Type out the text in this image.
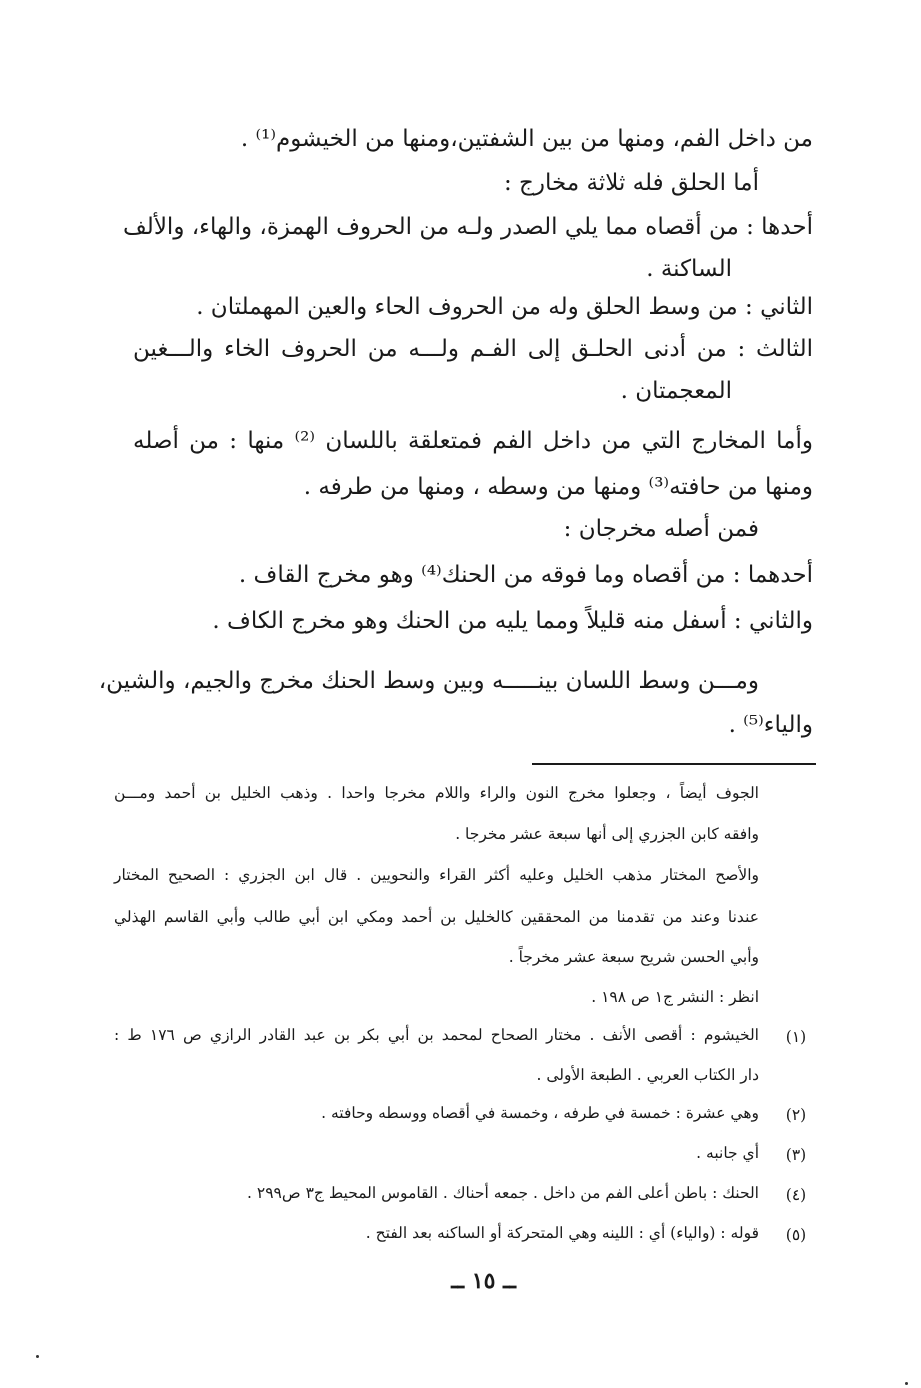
من داخل الفم، ومنها من بين الشفتين،ومنها من الخيشوم⁽¹⁾ .
أما الحلق فله ثلاثة مخارج :
أحدها : من أقصاه مما يلي الصدر ولـه من الحروف الهمزة، والهاء، والألف
الساكنة .
الثاني : من وسط الحلق وله من الحروف الحاء والعين المهملتان .
الثالث : من أدنى الحلـق إلى الفـم ولـــه من الحروف الخاء والـــغين
المعجمتان .
وأما المخارج التي من داخل الفم فمتعلقة باللسان ⁽²⁾ منها : من أصله
ومنها من حافته⁽³⁾ ومنها من وسطه ، ومنها من طرفه .
فمن أصله مخرجان :
أحدهما : من أقصاه وما فوقه من الحنك⁽⁴⁾ وهو مخرج القاف .
والثاني : أسفل منه قليلاً ومما يليه من الحنك وهو مخرج الكاف .
ومـــن وسط اللسان بينـــــه وبين وسط الحنك مخرج والجيم، والشين،
والياء⁽⁵⁾ .
الجوف أيضاً ، وجعلوا مخرج النون والراء واللام مخرجا واحدا . وذهب الخليل بن أحمد ومـــن
وافقه كابن الجزري إلى أنها سبعة عشر مخرجا .
والأصح المختار مذهب الخليل وعليه أكثر القراء والنحويين . قال ابن الجزري : الصحيح المختار
عندنا وعند من تقدمنا من المحققين كالخليل بن أحمد ومكي ابن أبي طالب وأبي القاسم الهذلي
وأبي الحسن شريح سبعة عشر مخرجاً .
انظر : النشر ج١ ص ١٩٨ .
(١)
الخيشوم : أقصى الأنف . مختار الصحاح لمحمد بن أبي بكر بن عبد القادر الرازي ص ١٧٦ ط :
دار الكتاب العربي . الطبعة الأولى .
(٢)
وهي عشرة : خمسة في طرفه ، وخمسة في أقصاه ووسطه وحافته .
(٣)
أي جانبه .
(٤)
الحنك : باطن أعلى الفم من داخل . جمعه أحناك . القاموس المحيط ج٣ ص٢٩٩ .
(٥)
قوله : (والياء) أي : اللينه وهي المتحركة أو الساكنه بعد الفتح .
ــ ١٥ ــ
